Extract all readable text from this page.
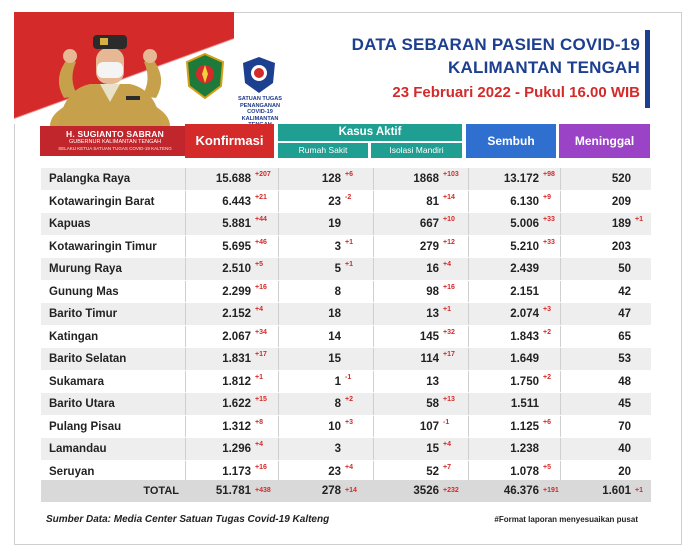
H. SUGIANTO SABRAN
GUBERNUR KALIMANTAN TENGAH
SELAKU KETUA SATUAN TUGAS COVID-19 KALTENG
SATUAN TUGAS
PENANGANAN COVID-19
KALIMANTAN
DATA SEBARAN PASIEN COVID-19
KALIMANTAN TENGAH
23 Februari 2022 - Pukul 16.00 WIB
Konfirmasi
Kasus Aktif
Rumah Sakit	Isolasi Mandiri
Sembuh	Meninggal
Palangka Raya	15.688 +207	128 +6	1868 +103	13.172 +98	520
Kotawaringin Barat	6.443 +21	23 -2	81 +14	6.130 +9	209
Kapuas	5.881 +44	19	667 +10	5.006 +33	189 +1
Kotawaringin Timur	5.695 +46	3 +1	279 +12	5.210 +33	203
Murung Raya	2.510 +5	5 +1	16 +4	2.439	50
Gunung Mas	2.299 +16	8	98 +16	2.151	42
Barito Timur	2.152 +4	18	13 +1	2.074 +3	47
Katingan	2.067 +34	14	145 +32	1.843 +2	65
Barito Selatan	1.831 +17	15	114 +17	1.649	53
Sukamara	1.812 +1	1 -1	13	1.750 +2	48
Barito Utara	1.622 +15	8 +2	58 +13	1.511	45
Pulang Pisau	1.312 +8	10 +3	107 -1	1.125 +6	70
Lamandau	1.296 +4	3	15 +4	1.238	40
Seruyan	1.173 +16	23 +4	52 +7	1.078 +5	20
TOTAL	51.781 +438	278 +14	3526 +232	46.376 +191	1.601 +1
Sumber Data: Media Center Satuan Tugas Covid-19 Kalteng	#Format laporan menyesuaikan pusat
